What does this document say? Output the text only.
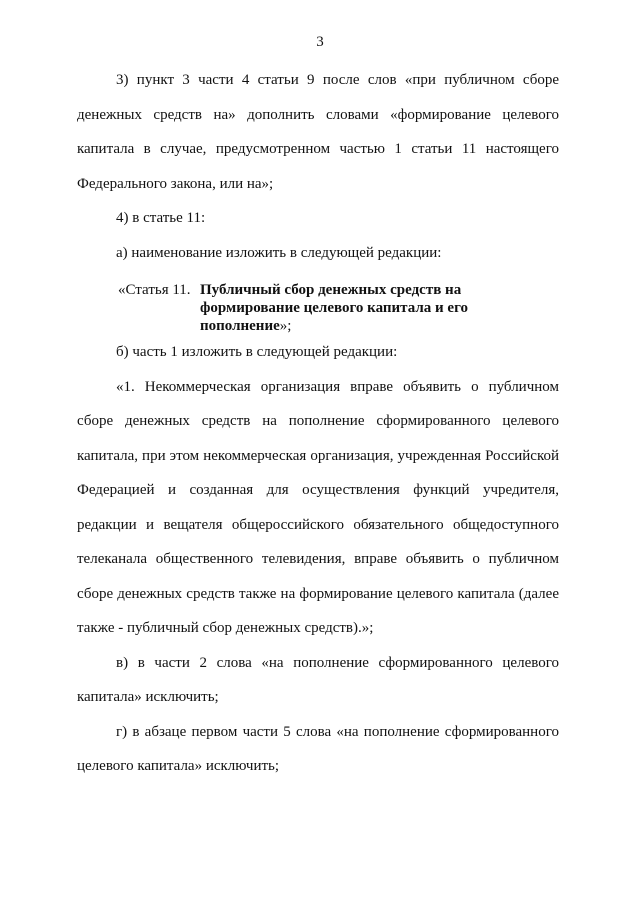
3

3) пункт 3 части 4 статьи 9 после слов «при публичном сборе денежных средств на» дополнить словами «формирование целевого капитала в случае, предусмотренном частью 1 статьи 11 настоящего Федерального закона, или на»;

4) в статье 11:

а) наименование изложить в следующей редакции:

«Статья 11. Публичный сбор денежных средств на формирование целевого капитала и его пополнение»;

б) часть 1 изложить в следующей редакции:

«1. Некоммерческая организация вправе объявить о публичном сборе денежных средств на пополнение сформированного целевого капитала, при этом некоммерческая организация, учрежденная Российской Федерацией и созданная для осуществления функций учредителя, редакции и вещателя общероссийского обязательного общедоступного телеканала общественного телевидения, вправе объявить о публичном сборе денежных средств также на формирование целевого капитала (далее также - публичный сбор денежных средств).»;

в) в части 2 слова «на пополнение сформированного целевого капитала» исключить;

г) в абзаце первом части 5 слова «на пополнение сформированного целевого капитала» исключить;
